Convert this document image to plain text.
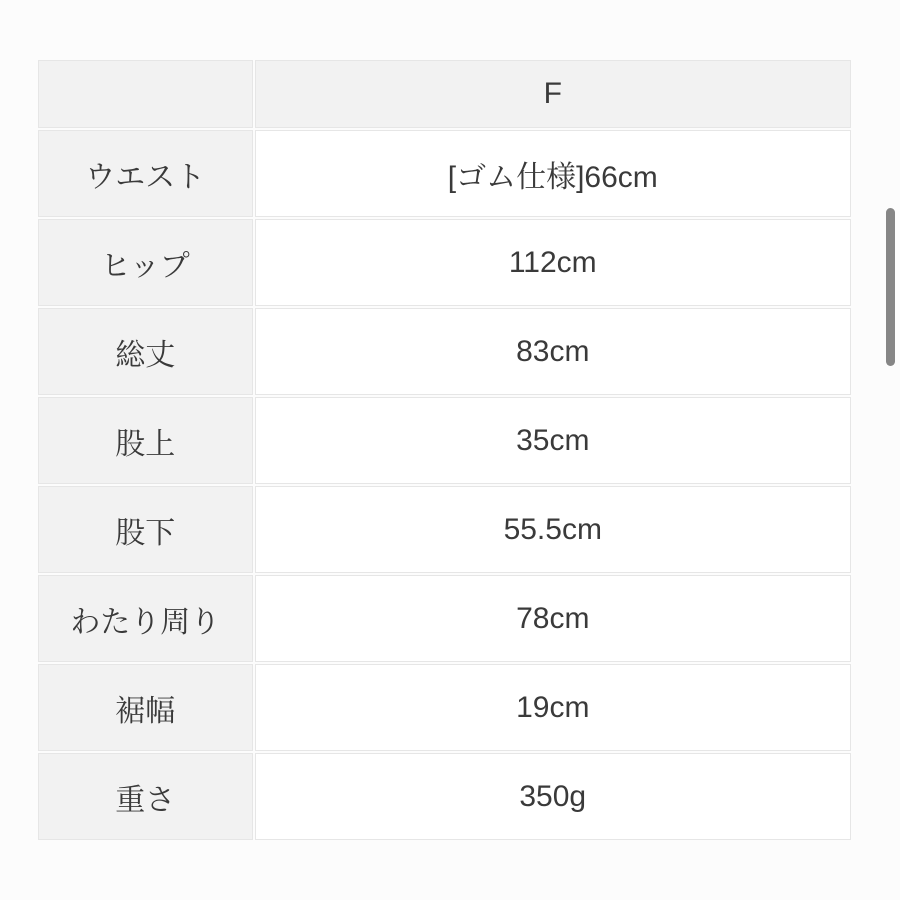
	F
ウエスト	[ゴム仕様]66cm
ヒップ	112cm
総丈	83cm
股上	35cm
股下	55.5cm
わたり周り	78cm
裾幅	19cm
重さ	350g
